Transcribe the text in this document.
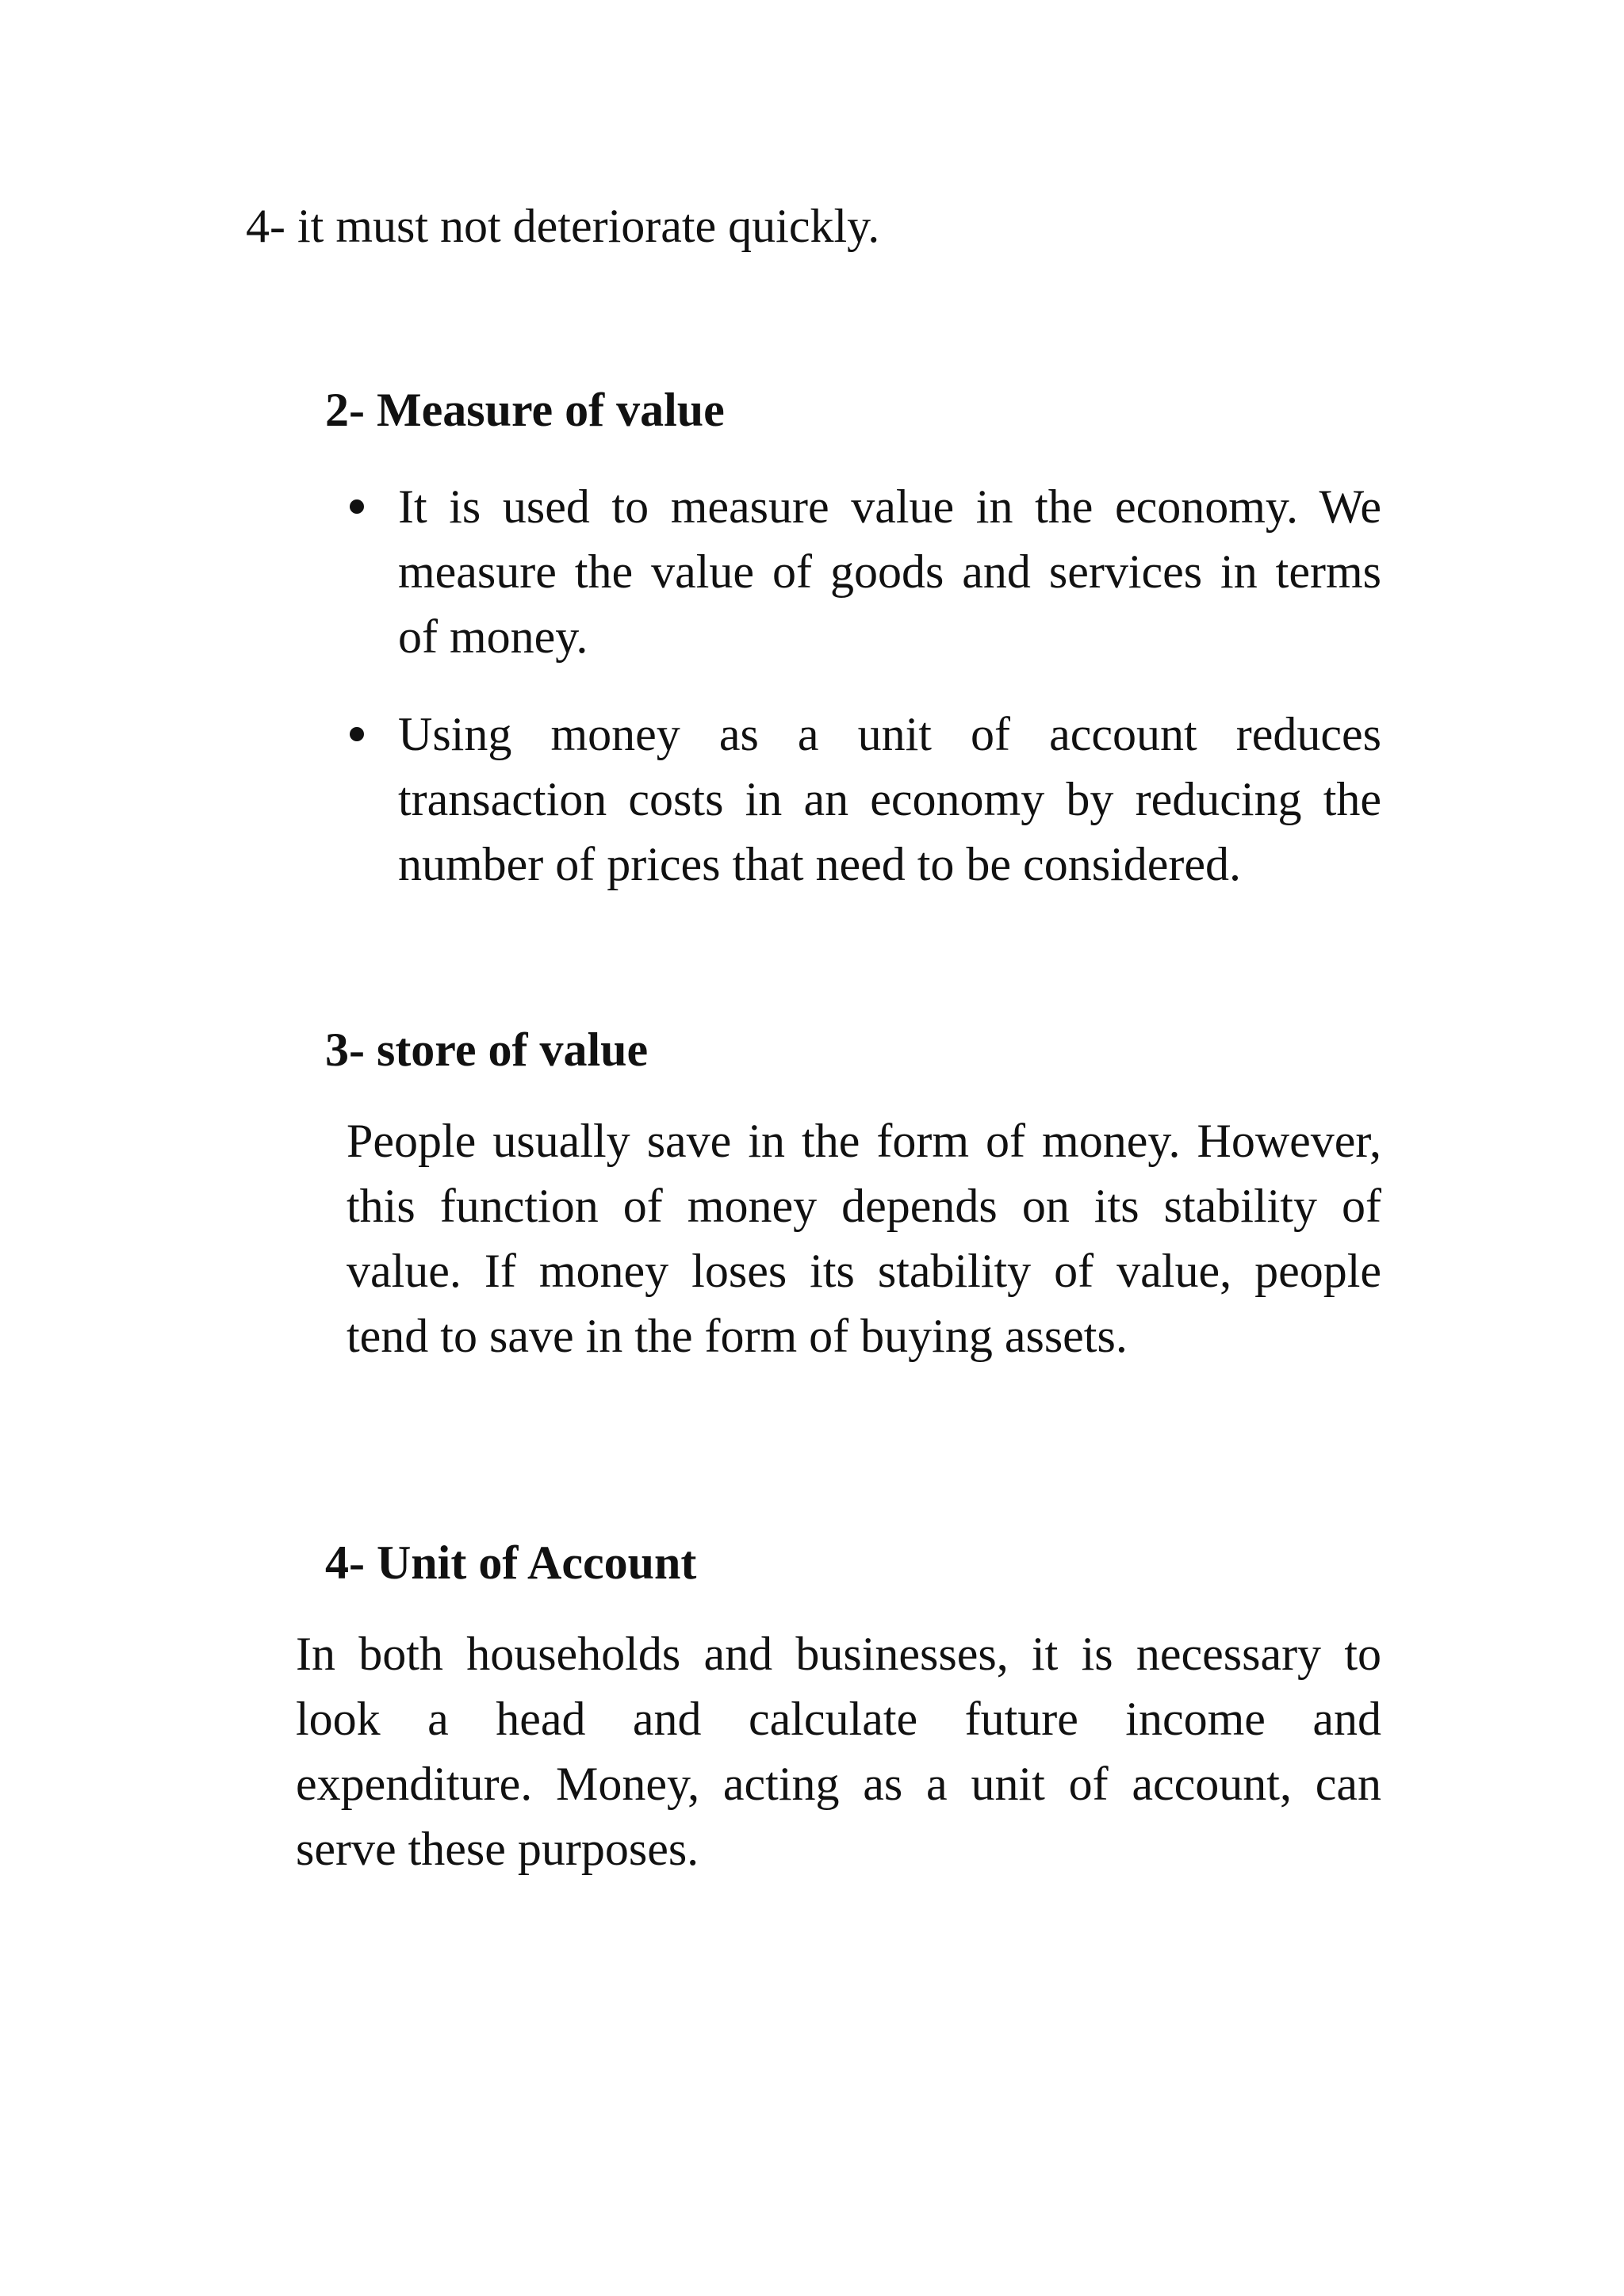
4- it must not deteriorate quickly.

2- Measure of value

It is used to measure value in the economy. We measure the value of goods and services in terms of money.

Using money as a unit of account reduces transaction costs in an economy by reducing the number of prices that need to be considered.

3- store of value

People usually save in the form of money. However, this function of money depends on its stability of value. If money loses its stability of value, people tend to save in the form of buying assets.

4- Unit of Account

In both households and businesses, it is necessary to look a head and calculate future income and expenditure. Money, acting as a unit of account, can serve these purposes.
